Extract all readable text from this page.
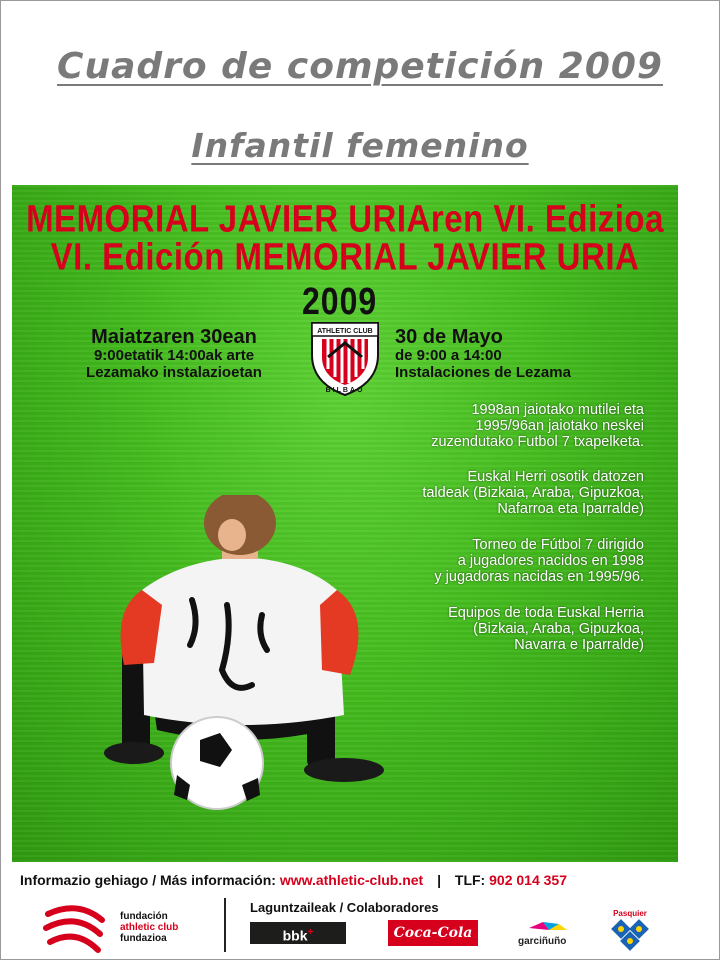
Cuadro de competición 2009
Infantil femenino
MEMORIAL JAVIER URIAren VI. Edizioa
VI. Edición MEMORIAL JAVIER URIA
2009
Maiatzaren 30ean
9:00etatik 14:00ak arte
Lezamako instalazioetan
ATHLETIC CLUB
BILBAO
30 de Mayo
de 9:00 a 14:00
Instalaciones de Lezama
1998an jaiotako mutilei eta
1995/96an jaiotako neskei
zuzendutako Futbol 7 txapelketa.
Euskal Herri osotik datozen
taldeak (Bizkaia, Araba, Gipuzkoa,
Nafarroa eta Iparralde)
Torneo de Fútbol 7 dirigido
a jugadores nacidos en 1998
y jugadoras nacidas en 1995/96.
Equipos de toda Euskal Herria
(Bizkaia, Araba, Gipuzkoa,
Navarra e Iparralde)
Informazio gehiago / Más información: www.athletic-club.net | TLF: 902 014 357
fundación
athletic club
fundazioa
Laguntzaileak / Colaboradores
bbk+	Coca-Cola
garciñuño
Pasquier
